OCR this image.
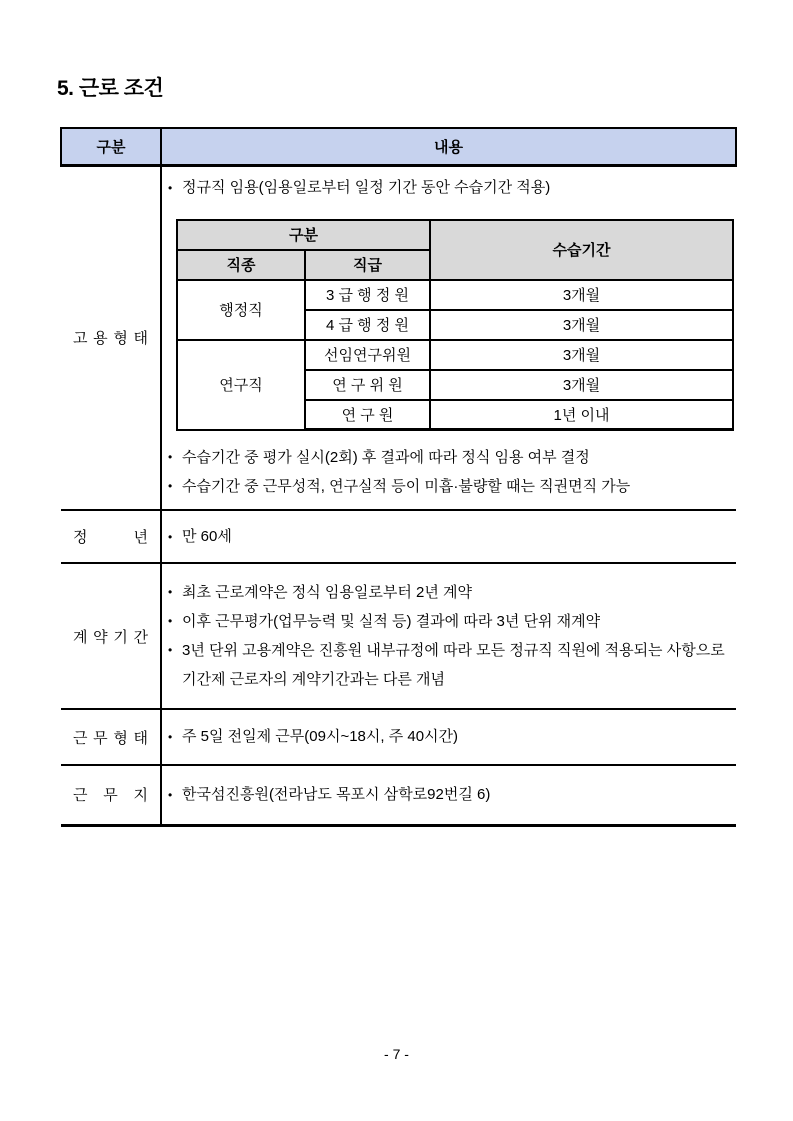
5. 근로 조건
구분	내용

고 용 형 태

• 정규직 임용(임용일로부터 일정 기간 동안 수습기간 적용)
구분	수습기간
직종	직급
행정직	3 급 행 정 원	3개월
4 급 행 정 원	3개월
연구직	선임연구위원	3개월
연 구 위 원	3개월
연 구 원	1년 이내
• 수습기간 중 평가 실시(2회) 후 결과에 따라 정식 임용 여부 결정
• 수습기간 중 근무성적, 연구실적 등이 미흡·불량할 때는 직권면직 가능

정 년	• 만 60세

계 약 기 간

• 최초 근로계약은 정식 임용일로부터 2년 계약
• 이후 근무평가(업무능력 및 실적 등) 결과에 따라 3년 단위 재계약
• 3년 단위 고용계약은 진흥원 내부규정에 따라 모든 정규직 직원에 적용되는 사항으로 기간제 근로자의 계약기간과는 다른 개념

근 무 형 태	• 주 5일 전일제 근무(09시~18시, 주 40시간)

근 무 지	• 한국섬진흥원(전라남도 목포시 삼학로92번길 6)
- 7 -
